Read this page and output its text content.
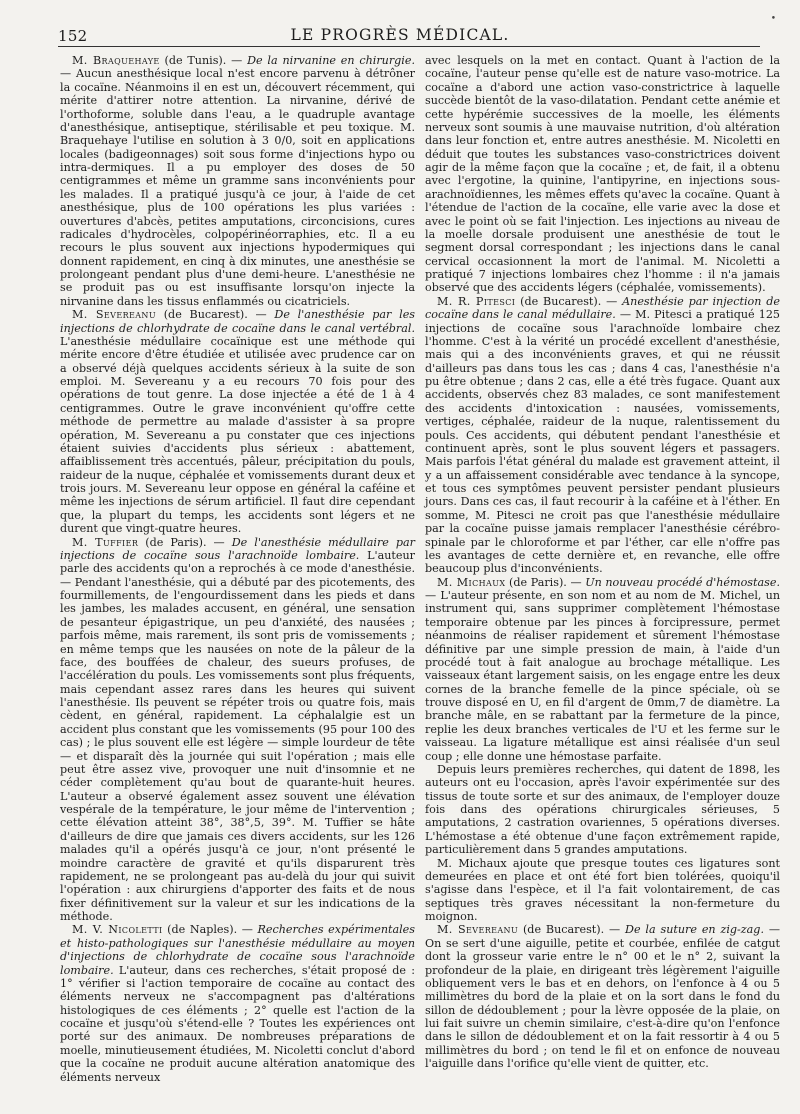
152	LE PROGRÈS MÉDICAL.
•

M. Braquehaye (de Tunis). — De la nirvanine en chirurgie. — Aucun anesthésique local n'est encore parvenu à détrôner la cocaïne. Néanmoins il en est un, découvert récemment, qui mérite d'attirer notre attention. La nirvanine, dérivé de l'orthoforme, soluble dans l'eau, a le quadruple avantage d'anesthésique, antiseptique, stérilisable et peu toxique. M. Braquehaye l'utilise en solution à 3 0/0, soit en applications locales (badigeonnages) soit sous forme d'injections hypo ou intra-dermiques. Il a pu employer des doses de 50 centigrammes et même un gramme sans inconvénients pour les malades. Il a pratiqué jusqu'à ce jour, à l'aide de cet anesthésique, plus de 100 opérations les plus variées : ouvertures d'abcès, petites amputations, circoncisions, cures radicales d'hydrocèles, colpopérinéorraphies, etc. Il a eu recours le plus souvent aux injections hypodermiques qui donnent rapidement, en cinq à dix minutes, une anesthésie se prolongeant pendant plus d'une demi-heure. L'anesthésie ne se produit pas ou est insuffisante lorsqu'on injecte la nirvanine dans les tissus enflammés ou cicatriciels.

M. Severeanu (de Bucarest). — De l'anesthésie par les injections de chlorhydrate de cocaïne dans le canal vertébral. L'anesthésie médullaire cocaïnique est une méthode qui mérite encore d'être étudiée et utilisée avec prudence car on a observé déjà quelques accidents sérieux à la suite de son emploi. M. Severeanu y a eu recours 70 fois pour des opérations de tout genre. La dose injectée a été de 1 à 4 centigrammes. Outre le grave inconvénient qu'offre cette méthode de permettre au malade d'assister à sa propre opération, M. Severeanu a pu constater que ces injections étaient suivies d'accidents plus sérieux : abattement, affaiblissement très accentués, pâleur, précipitation du pouls, raideur de la nuque, céphalée et vomissements durant deux et trois jours. M. Severeanu leur oppose en général la caféine et même les injections de sérum artificiel. Il faut dire cependant que, la plupart du temps, les accidents sont légers et ne durent que vingt-quatre heures.

M. Tuffier (de Paris). — De l'anesthésie médullaire par injections de cocaïne sous l'arachnoïde lombaire. L'auteur parle des accidents qu'on a reprochés à ce mode d'anesthésie. — Pendant l'anesthésie, qui a débuté par des picotements, des fourmillements, de l'engourdissement dans les pieds et dans les jambes, les malades accusent, en général, une sensation de pesanteur épigastrique, un peu d'anxiété, des nausées ; parfois même, mais rarement, ils sont pris de vomissements ; en même temps que les nausées on note de la pâleur de la face, des bouffées de chaleur, des sueurs profuses, de l'accélération du pouls. Les vomissements sont plus fréquents, mais cependant assez rares dans les heures qui suivent l'anesthésie. Ils peuvent se répéter trois ou quatre fois, mais cèdent, en général, rapidement. La céphalalgie est un accident plus constant que les vomissements (95 pour 100 des cas) ; le plus souvent elle est légère — simple lourdeur de tête — et disparaît dès la journée qui suit l'opération ; mais elle peut être assez vive, provoquer une nuit d'insomnie et ne céder complètement qu'au bout de quarante-huit heures. L'auteur a observé également assez souvent une élévation vespérale de la température, le jour même de l'intervention ; cette élévation atteint 38°, 38°,5, 39°. M. Tuffier se hâte d'ailleurs de dire que jamais ces divers accidents, sur les 126 malades qu'il a opérés jusqu'à ce jour, n'ont présenté le moindre caractère de gravité et qu'ils disparurent très rapidement, ne se prolongeant pas au-delà du jour qui suivit l'opération : aux chirurgiens d'apporter des faits et de nous fixer définitivement sur la valeur et sur les indications de la méthode.

M. V. Nicoletti (de Naples). — Recherches expérimentales et histo-pathologiques sur l'anesthésie médullaire au moyen d'injections de chlorhydrate de cocaïne sous l'arachnoïde lombaire. L'auteur, dans ces recherches, s'était proposé de : 1° vérifier si l'action temporaire de cocaïne au contact des éléments nerveux ne s'accompagnent pas d'altérations histologiques de ces éléments ; 2° quelle est l'action de la cocaïne et jusqu'où s'étend-elle ? Toutes les expériences ont porté sur des animaux. De nombreuses préparations de moelle, minutieusement étudiées, M. Nicoletti conclut d'abord que la cocaïne ne produit aucune altération anatomique des éléments nerveux

avec lesquels on la met en contact. Quant à l'action de la cocaïne, l'auteur pense qu'elle est de nature vaso-motrice. La cocaïne a d'abord une action vaso-constrictrice à laquelle succède bientôt de la vaso-dilatation. Pendant cette anémie et cette hypérémie successives de la moelle, les éléments nerveux sont soumis à une mauvaise nutrition, d'où altération dans leur fonction et, entre autres anesthésie. M. Nicoletti en déduit que toutes les substances vaso-constrictrices doivent agir de la même façon que la cocaïne ; et, de fait, il a obtenu avec l'ergotine, la quinine, l'antipyrine, en injections sous-arachnoïdiennes, les mêmes effets qu'avec la cocaïne. Quant à l'étendue de l'action de la cocaïne, elle varie avec la dose et avec le point où se fait l'injection. Les injections au niveau de la moelle dorsale produisent une anesthésie de tout le segment dorsal correspondant ; les injections dans le canal cervical occasionnent la mort de l'animal. M. Nicoletti a pratiqué 7 injections lombaires chez l'homme : il n'a jamais observé que des accidents légers (céphalée, vomissements).

M. R. Pitesci (de Bucarest). — Anesthésie par injection de cocaïne dans le canal médullaire. — M. Pitesci a pratiqué 125 injections de cocaïne sous l'arachnoïde lombaire chez l'homme. C'est à la vérité un procédé excellent d'anesthésie, mais qui a des inconvénients graves, et qui ne réussit d'ailleurs pas dans tous les cas ; dans 4 cas, l'anesthésie n'a pu être obtenue ; dans 2 cas, elle a été très fugace. Quant aux accidents, observés chez 83 malades, ce sont manifestement des accidents d'intoxication : nausées, vomissements, vertiges, céphalée, raideur de la nuque, ralentissement du pouls. Ces accidents, qui débutent pendant l'anesthésie et continuent après, sont le plus souvent légers et passagers. Mais parfois l'état général du malade est gravement atteint, il y a un affaissement considérable avec tendance à la syncope, et tous ces symptômes peuvent persister pendant plusieurs jours. Dans ces cas, il faut recourir à la caféine et à l'éther. En somme, M. Pitesci ne croit pas que l'anesthésie médullaire par la cocaïne puisse jamais remplacer l'anesthésie cérébro-spinale par le chloroforme et par l'éther, car elle n'offre pas les avantages de cette dernière et, en revanche, elle offre beaucoup plus d'inconvénients.

M. Michaux (de Paris). — Un nouveau procédé d'hémostase. — L'auteur présente, en son nom et au nom de M. Michel, un instrument qui, sans supprimer complètement l'hémostase temporaire obtenue par les pinces à forcipressure, permet néanmoins de réaliser rapidement et sûrement l'hémostase définitive par une simple pression de main, à l'aide d'un procédé tout à fait analogue au brochage métallique. Les vaisseaux étant largement saisis, on les engage entre les deux cornes de la branche femelle de la pince spéciale, où se trouve disposé en U, en fil d'argent de 0mm,7 de diamètre. La branche mâle, en se rabattant par la fermeture de la pince, replie les deux branches verticales de l'U et les ferme sur le vaisseau. La ligature métallique est ainsi réalisée d'un seul coup ; elle donne une hémostase parfaite.

Depuis leurs premières recherches, qui datent de 1898, les auteurs ont eu l'occasion, après l'avoir expérimentée sur des tissus de toute sorte et sur des animaux, de l'employer douze fois dans des opérations chirurgicales sérieuses, 5 amputations, 2 castration ovariennes, 5 opérations diverses. L'hémostase a été obtenue d'une façon extrêmement rapide, particulièrement dans 5 grandes amputations.

M. Michaux ajoute que presque toutes ces ligatures sont demeurées en place et ont été fort bien tolérées, quoiqu'il s'agisse dans l'espèce, et il l'a fait volontairement, de cas septiques très graves nécessitant la non-fermeture du moignon.

M. Severeanu (de Bucarest). — De la suture en zig-zag. — On se sert d'une aiguille, petite et courbée, enfilée de catgut dont la grosseur varie entre le n° 00 et le n° 2, suivant la profondeur de la plaie, en dirigeant très légèrement l'aiguille obliquement vers le bas et en dehors, on l'enfonce à 4 ou 5 millimètres du bord de la plaie et on la sort dans le fond du sillon de dédoublement ; pour la lèvre opposée de la plaie, on lui fait suivre un chemin similaire, c'est-à-dire qu'on l'enfonce dans le sillon de dédoublement et on la fait ressortir à 4 ou 5 millimètres du bord ; on tend le fil et on enfonce de nouveau l'aiguille dans l'orifice qu'elle vient de quitter, etc.
